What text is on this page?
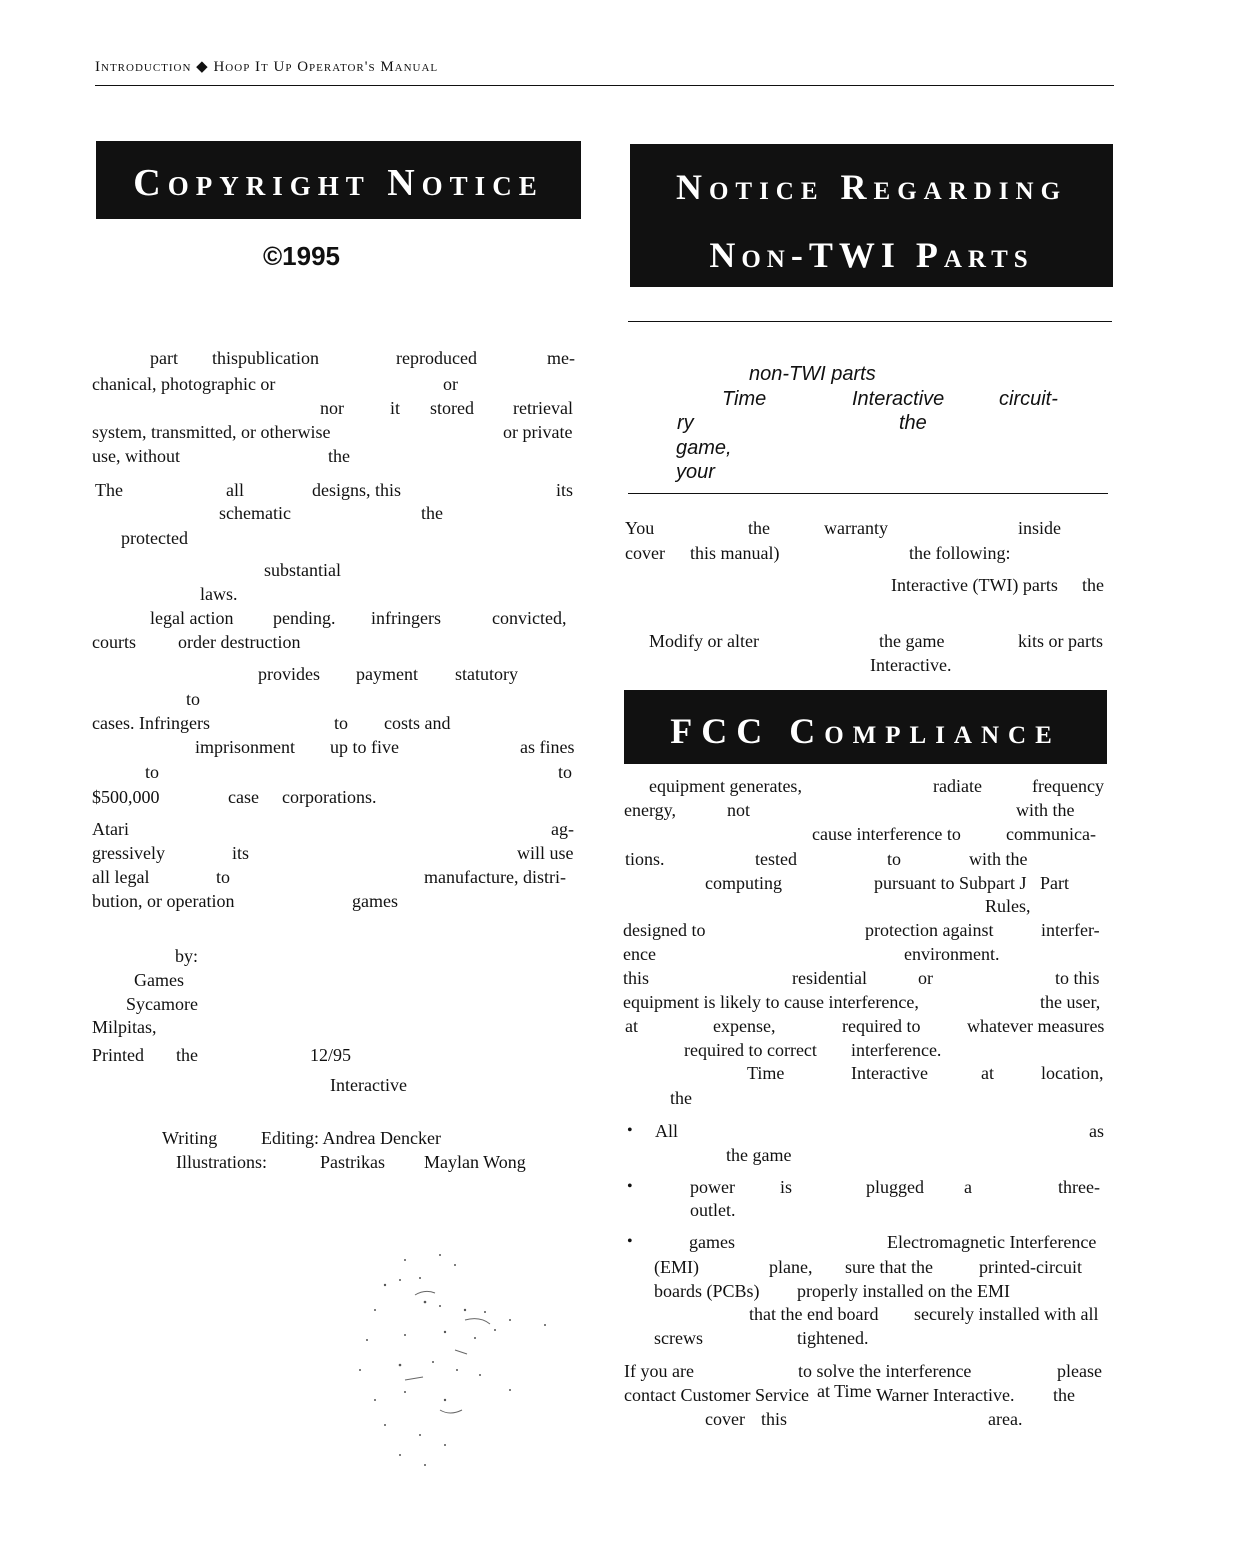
Introduction ◆ Hoop It Up Operator's Manual
Copyright Notice
©1995
part thispublication	reproduced	me-
chanical, photographic or	or
nor	it stored retrieval
system, transmitted, or otherwise	or private
use, without	the
The	all	designs, this	its
schematic	the
protected
substantial
laws.
legal action pending. infringers	convicted,
courts order destruction
provides payment statutory
to
cases. Infringers	to costs and
imprisonment up to five	as fines
to	to
$500,000	case corporations.
Atari	ag-
gressively	its	will use
all legal	to	manufacture, distri-
bution, or operation	games
by:
Games
Sycamore
Milpitas,
Printed the	12/95
Interactive
Writing Editing: Andrea Dencker
Illustrations:	Pastrikas Maylan Wong
Notice Regarding
Non-TWI Parts
non-TWI parts
Time	Interactive	circuit-
ry	the
game,
your
You	the	warranty	inside
cover this manual)	the following:
Interactive (TWI) parts the
Modify or alter	the game	kits or parts
Interactive.
FCC Compliance
equipment generates,	radiate	frequency
energy,	not	with the
cause interference to	communica-
tions.	tested	to	with the
computing	pursuant to Subpart J Part
Rules,
designed to	protection against	interfer-
ence	environment.
this	residential	or	to this
equipment is likely to cause interference,	the user,
at	expense,	required to	whatever measures
required to correct interference.
Time	Interactive	at	location,
the
• All	as
the game
•	power	is	plugged a	three-
outlet.
•	games	Electromagnetic Interference
(EMI)	plane, sure that the	printed-circuit
boards (PCBs) properly installed on the EMI
that the end board securely installed with all
screws	tightened.
If you are	to solve the interference	please
contact Customer Service at Time Warner Interactive. the
cover this	area.
